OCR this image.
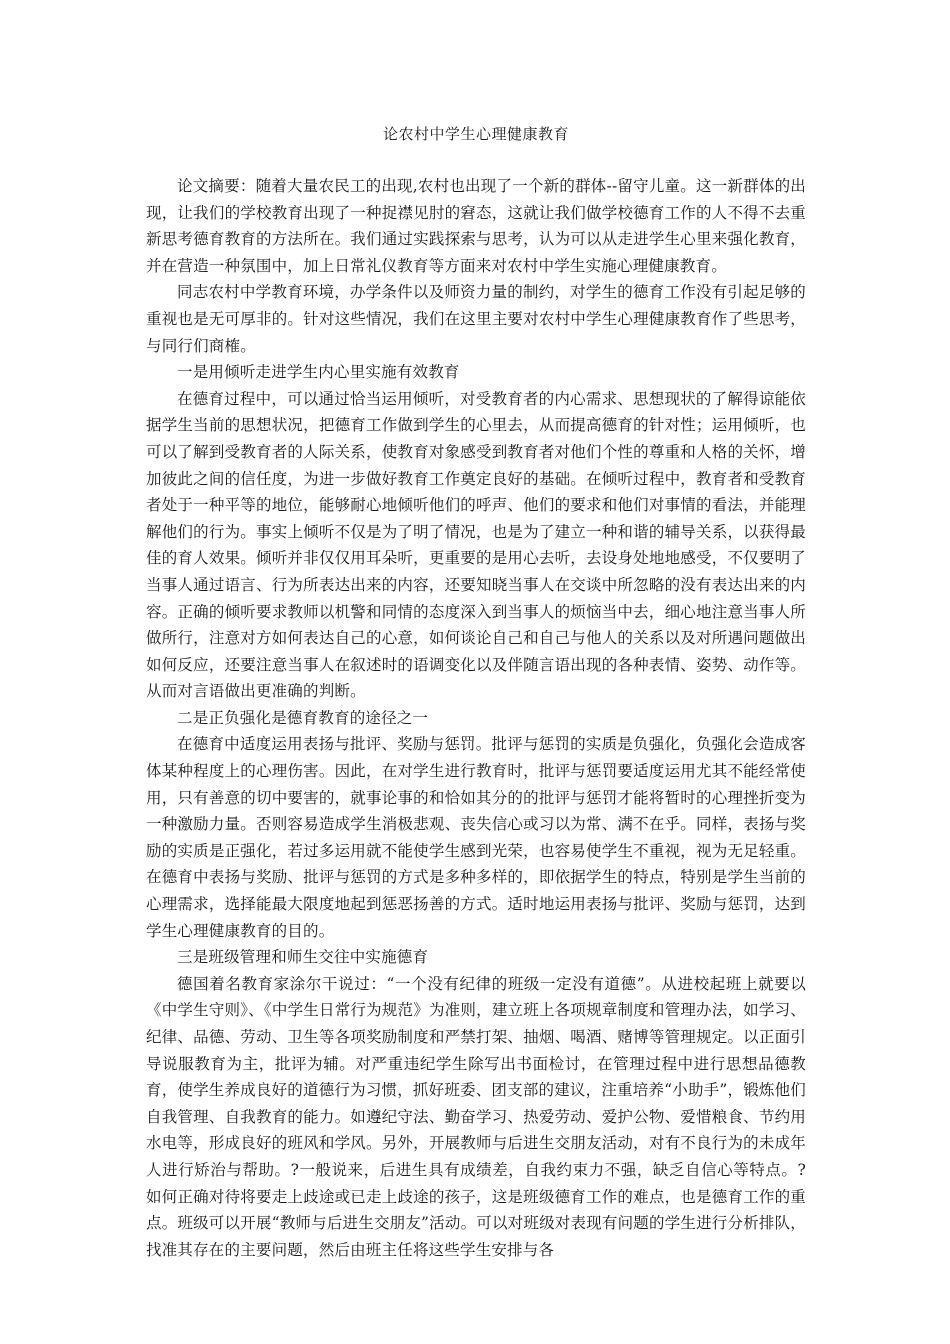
论农村中学生心理健康教育

论文摘要：随着大量农民工的出现,农村也出现了一个新的群体--留守儿童。这一新群体的出现，让我们的学校教育出现了一种捉襟见肘的窘态，这就让我们做学校德育工作的人不得不去重新思考德育教育的方法所在。我们通过实践探索与思考，认为可以从走进学生心里来强化教育，并在营造一种氛围中，加上日常礼仪教育等方面来对农村中学生实施心理健康教育。

同志农村中学教育环境，办学条件以及师资力量的制约，对学生的德育工作没有引起足够的重视也是无可厚非的。针对这些情况，我们在这里主要对农村中学生心理健康教育作了些思考，与同行们商榷。

一是用倾听走进学生内心里实施有效教育

在德育过程中，可以通过恰当运用倾听，对受教育者的内心需求、思想现状的了解得谅能依据学生当前的思想状况，把德育工作做到学生的心里去，从而提高德育的针对性；运用倾听，也可以了解到受教育者的人际关系，使教育对象感受到教育者对他们个性的尊重和人格的关怀，增加彼此之间的信任度，为进一步做好教育工作奠定良好的基础。在倾听过程中，教育者和受教育者处于一种平等的地位，能够耐心地倾听他们的呼声、他们的要求和他们对事情的看法，并能理解他们的行为。事实上倾听不仅是为了明了情况，也是为了建立一种和谐的辅导关系，以获得最佳的育人效果。倾听并非仅仅用耳朵听，更重要的是用心去听，去设身处地地感受，不仅要明了当事人通过语言、行为所表达出来的内容，还要知晓当事人在交谈中所忽略的没有表达出来的内容。正确的倾听要求教师以机警和同情的态度深入到当事人的烦恼当中去，细心地注意当事人所做所行，注意对方如何表达自己的心意，如何谈论自己和自己与他人的关系以及对所遇问题做出如何反应，还要注意当事人在叙述时的语调变化以及伴随言语出现的各种表情、姿势、动作等。从而对言语做出更准确的判断。

二是正负强化是德育教育的途径之一

在德育中适度运用表扬与批评、奖励与惩罚。批评与惩罚的实质是负强化，负强化会造成客体某种程度上的心理伤害。因此，在对学生进行教育时，批评与惩罚要适度运用尤其不能经常使用，只有善意的切中要害的，就事论事的和恰如其分的的批评与惩罚才能将暂时的心理挫折变为一种激励力量。否则容易造成学生消极悲观、丧失信心或习以为常、满不在乎。同样，表扬与奖励的实质是正强化，若过多运用就不能使学生感到光荣，也容易使学生不重视，视为无足轻重。在德育中表扬与奖励、批评与惩罚的方式是多种多样的，即依据学生的特点，特别是学生当前的心理需求，选择能最大限度地起到惩恶扬善的方式。适时地运用表扬与批评、奖励与惩罚，达到学生心理健康教育的目的。

三是班级管理和师生交往中实施德育

德国着名教育家涂尔干说过：“一个没有纪律的班级一定没有道德”。从进校起班上就要以《中学生守则》、《中学生日常行为规范》为准则，建立班上各项规章制度和管理办法，如学习、纪律、品德、劳动、卫生等各项奖励制度和严禁打架、抽烟、喝酒、赌博等管理规定。以正面引导说服教育为主，批评为辅。对严重违纪学生除写出书面检讨，在管理过程中进行思想品德教育，使学生养成良好的道德行为习惯，抓好班委、团支部的建议，注重培养“小助手”，锻炼他们自我管理、自我教育的能力。如遵纪守法、勤奋学习、热爱劳动、爱护公物、爱惜粮食、节约用水电等，形成良好的班风和学风。另外，开展教师与后进生交朋友活动，对有不良行为的未成年人进行矫治与帮助。?一般说来，后进生具有成绩差，自我约束力不强，缺乏自信心等特点。?如何正确对待将要走上歧途或已走上歧途的孩子，这是班级德育工作的难点，也是德育工作的重点。班级可以开展“教师与后进生交朋友”活动。可以对班级对表现有问题的学生进行分析排队，找准其存在的主要问题，然后由班主任将这些学生安排与各
